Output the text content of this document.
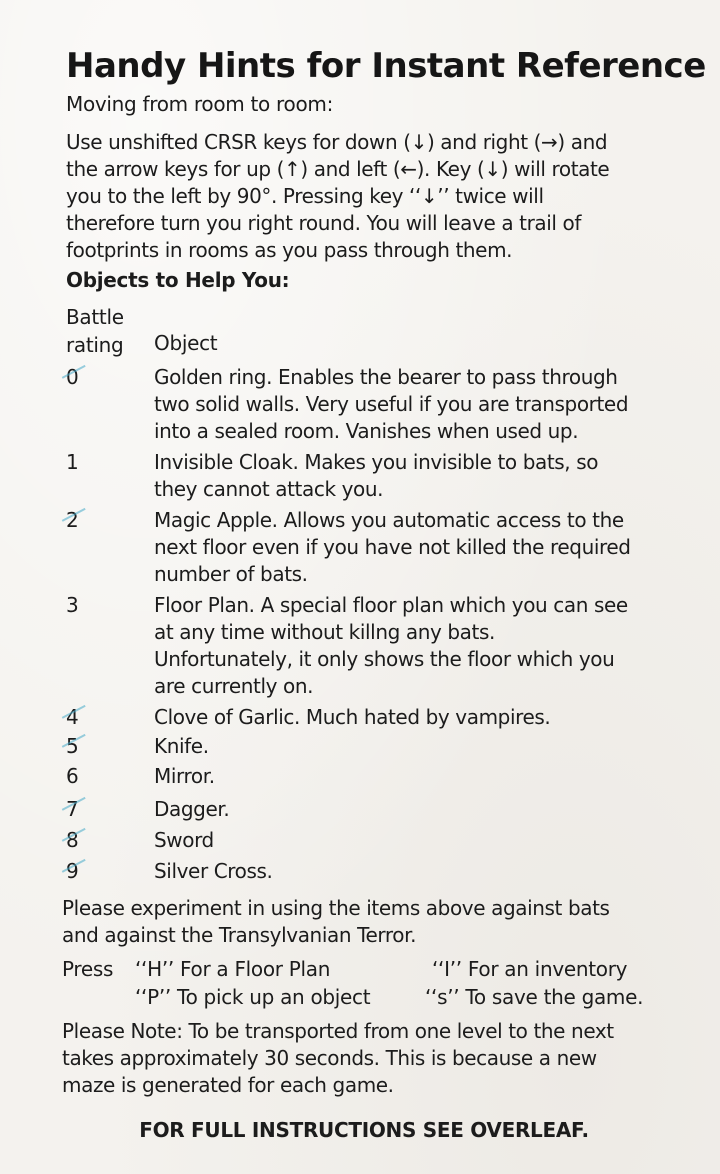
Handy Hints for Instant Reference
Moving from room to room:
Use unshifted CRSR keys for down (↓) and right (→) and
the arrow keys for up (↑) and left (←). Key (↓) will rotate
you to the left by 90°. Pressing key ‘‘↓’’ twice will
therefore turn you right round. You will leave a trail of
footprints in rooms as you pass through them.
Objects to Help You:
Battle
rating Object
0	Golden ring. Enables the bearer to pass through
two solid walls. Very useful if you are transported
into a sealed room. Vanishes when used up.
1	Invisible Cloak. Makes you invisible to bats, so
they cannot attack you.
2	Magic Apple. Allows you automatic access to the
next floor even if you have not killed the required
number of bats.
3	Floor Plan. A special floor plan which you can see
at any time without killng any bats.
Unfortunately, it only shows the floor which you
are currently on.
4	Clove of Garlic. Much hated by vampires.
5	Knife.
6	Mirror.
7	Dagger.
8	Sword
9	Silver Cross.
Please experiment in using the items above against bats
and against the Transylvanian Terror.
Press ‘‘H’’ For a Floor Plan	‘‘I’’ For an inventory
‘‘P’’ To pick up an object	‘‘s’’ To save the game.
Please Note: To be transported from one level to the next
takes approximately 30 seconds. This is because a new
maze is generated for each game.
FOR FULL INSTRUCTIONS SEE OVERLEAF.
